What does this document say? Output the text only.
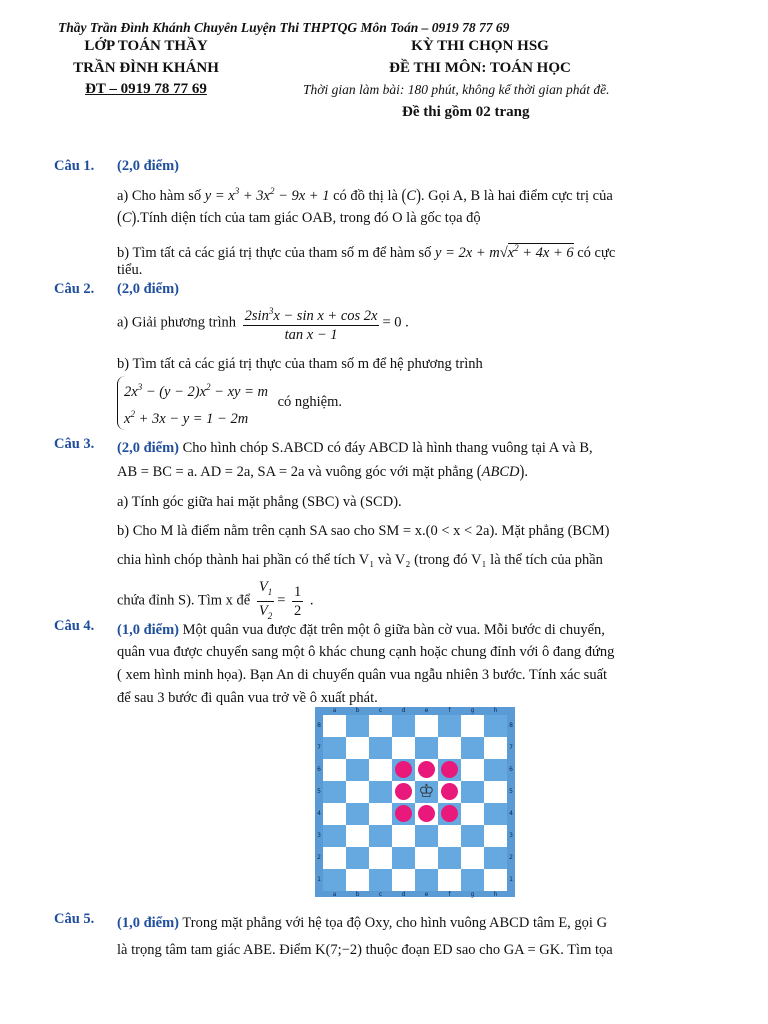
Thầy Trần Đình Khánh Chuyên Luyện Thi THPTQG Môn Toán – 0919 78 77 69
LỚP TOÁN THẦY
TRẦN ĐÌNH KHÁNH
ĐT – 0919 78 77 69
KỲ THI CHỌN HSG
ĐỀ THI MÔN: TOÁN HỌC
Thời gian làm bài: 180 phút, không kể thời gian phát đề.
Đề thi gồm 02 trang
Câu 1. (2,0 điểm)
a) Cho hàm số $y = x^3 + 3x^2 - 9x + 1$ có đồ thị là (C). Gọi A, B là hai điểm cực trị của
(C).Tính diện tích của tam giác OAB, trong đó O là gốc tọa độ
b) Tìm tất cả các giá trị thực của tham số m để hàm số $y = 2x + m√x^2 + 4x + 6$ có cực
tiểu.
Câu 2. (2,0 điểm)
a) Giải phương trình $\frac{2\sin^3x - \sin x + \cos 2x}{\text{tan x − 1}} = 0$ .
b) Tìm tất cả các giá trị thực của tham số m để hệ phương trình
$2x^3 - (y - 2)x^2$ − xy = m
$x^2 + 3x - y = 1 - 2m$ có nghiệm.
Câu 3. (2,0 điểm) Cho hình chóp S.ABCD có đáy ABCD là hình thang vuông tại A và B,
AB = BC = a. AD = 2a, SA = 2a và vuông góc với mặt phẳng (ABCD).
a) Tính góc giữa hai mặt phẳng (SBC) và (SCD).
b) Cho M là điểm nằm trên cạnh SA sao cho SM = x.(0 < x < 2a). Mặt phẳng (BCM)
chia hình chóp thành hai phần có thể tích V₁ và V₂ (trong đó V₁ là thể tích của phần
chứa đỉnh S). Tìm x để $\frac{V_1}{V_2} = \frac{1}{2}$ .
Câu 4. (1,0 điểm) Một quân vua được đặt trên một ô giữa bàn cờ vua. Mỗi bước di chuyển,
quân vua được chuyển sang một ô khác chung cạnh hoặc chung đỉnh với ô đang đứng
( xem hình minh họa). Bạn An di chuyển quân vua ngẫu nhiên 3 bước. Tính xác suất
để sau 3 bước đi quân vua trở về ô xuất phát.
♔
a
a
b
b
c
c
d
d
e
e
f
f
g
g
h
h
8	8
7	7
6	6
5	5
4	4
3	3
2	2
1	1
Câu 5. (1,0 điểm) Trong mặt phẳng với hệ tọa độ Oxy, cho hình vuông ABCD tâm E, gọi G
là trọng tâm tam giác ABE. Điểm K(7;−2) thuộc đoạn ED sao cho GA = GK. Tìm tọa
